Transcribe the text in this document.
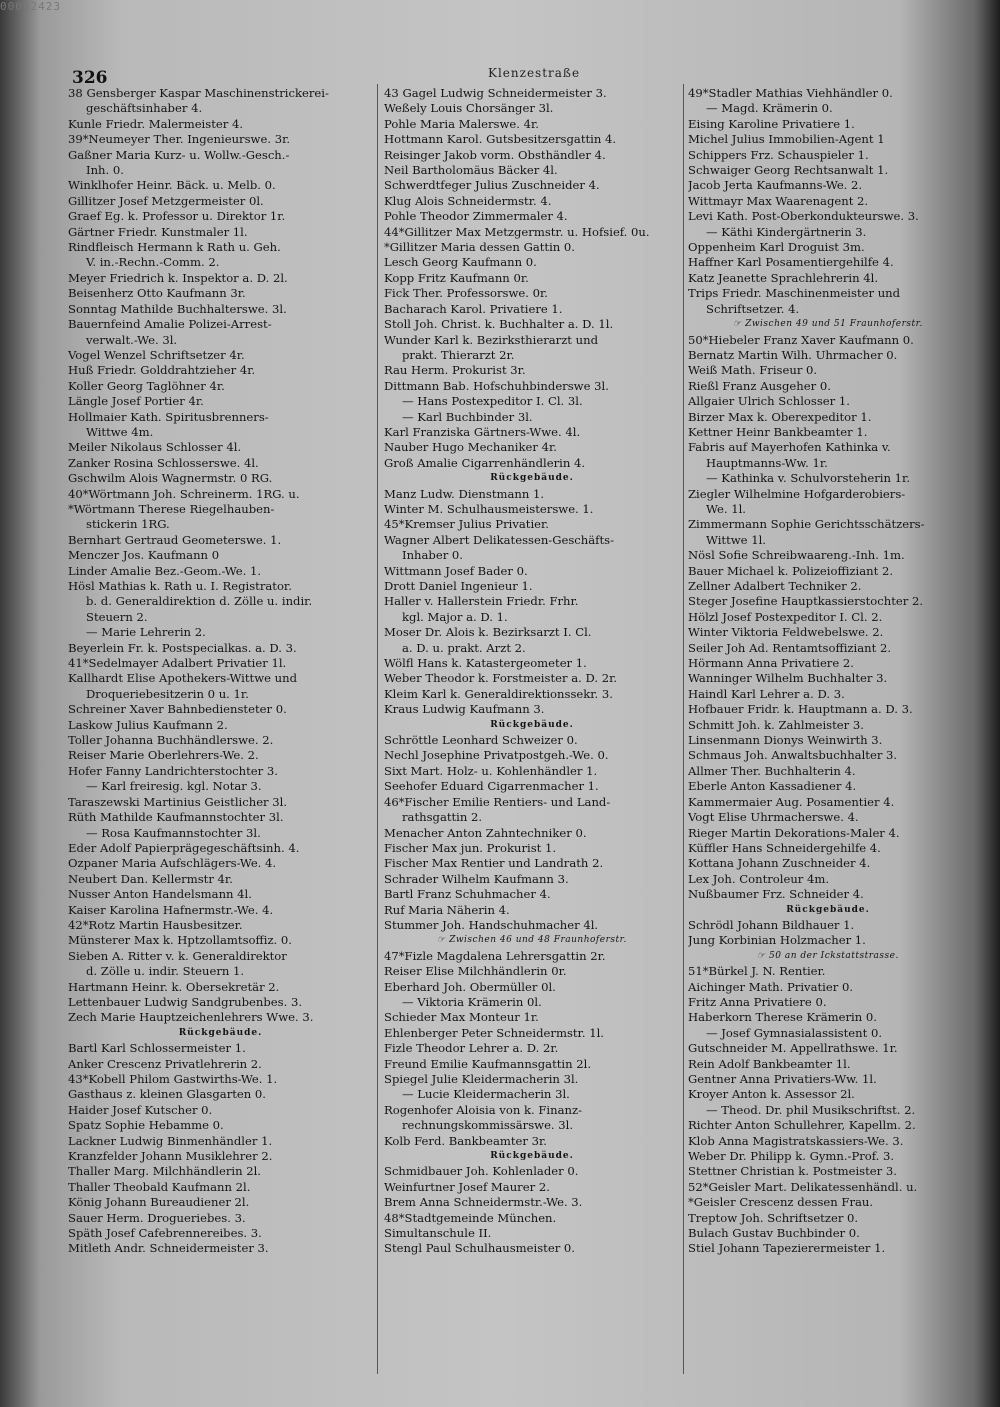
00092423
326	Klenzestraße
38 Gensberger Kaspar Maschinenstrickerei-
geschäftsinhaber 4.
Kunle Friedr. Malermeister 4.
39*Neumeyer Ther. Ingenieurswe. 3r.
Gaßner Maria Kurz- u. Wollw.-Gesch.-
Inh. 0.
Winklhofer Heinr. Bäck. u. Melb. 0.
Gillitzer Josef Metzgermeister 0l.
Graef Eg. k. Professor u. Direktor 1r.
Gärtner Friedr. Kunstmaler 1l.
Rindfleisch Hermann k Rath u. Geh.
V. in.-Rechn.-Comm. 2.
Meyer Friedrich k. Inspektor a. D. 2l.
Beisenherz Otto Kaufmann 3r.
Sonntag Mathilde Buchhalterswe. 3l.
Bauernfeind Amalie Polizei-Arrest-
verwalt.-We. 3l.
Vogel Wenzel Schriftsetzer 4r.
Huß Friedr. Golddrahtzieher 4r.
Koller Georg Taglöhner 4r.
Längle Josef Portier 4r.
Hollmaier Kath. Spiritusbrenners-
Wittwe 4m.
Meiler Nikolaus Schlosser 4l.
Zanker Rosina Schlosserswe. 4l.
Gschwilm Alois Wagnermstr. 0 RG.
40*Wörtmann Joh. Schreinerm. 1RG. u.
*Wörtmann Therese Riegelhauben-
stickerin 1RG.
Bernhart Gertraud Geometerswe. 1.
Menczer Jos. Kaufmann 0
Linder Amalie Bez.-Geom.-We. 1.
Hösl Mathias k. Rath u. I. Registrator.
b. d. Generaldirektion d. Zölle u. indir.
Steuern 2.
— Marie Lehrerin 2.
Beyerlein Fr. k. Postspecialkas. a. D. 3.
41*Sedelmayer Adalbert Privatier 1l.
Kallhardt Elise Apothekers-Wittwe und
Droqueriebesitzerin 0 u. 1r.
Schreiner Xaver Bahnbediensteter 0.
Laskow Julius Kaufmann 2.
Toller Johanna Buchhändlerswe. 2.
Reiser Marie Oberlehrers-We. 2.
Hofer Fanny Landrichterstochter 3.
— Karl freiresig. kgl. Notar 3.
Taraszewski Martinius Geistlicher 3l.
Rüth Mathilde Kaufmannstochter 3l.
— Rosa Kaufmannstochter 3l.
Eder Adolf Papierprägegeschäftsinh. 4.
Ozpaner Maria Aufschlägers-We. 4.
Neubert Dan. Kellermstr 4r.
Nusser Anton Handelsmann 4l.
Kaiser Karolina Hafnermstr.-We. 4.
42*Rotz Martin Hausbesitzer.
Münsterer Max k. Hptzollamtsoffiz. 0.
Sieben A. Ritter v. k. Generaldirektor
d. Zölle u. indir. Steuern 1.
Hartmann Heinr. k. Obersekretär 2.
Lettenbauer Ludwig Sandgrubenbes. 3.
Zech Marie Hauptzeichenlehrers Wwe. 3.
Rückgebäude.
Bartl Karl Schlossermeister 1.
Anker Crescenz Privatlehrerin 2.
43*Kobell Philom Gastwirths-We. 1.
Gasthaus z. kleinen Glasgarten 0.
Haider Josef Kutscher 0.
Spatz Sophie Hebamme 0.
Lackner Ludwig Binmenhändler 1.
Kranzfelder Johann Musiklehrer 2.
Thaller Marg. Milchhändlerin 2l.
Thaller Theobald Kaufmann 2l.
König Johann Bureaudiener 2l.
Sauer Herm. Drogueriebes. 3.
Späth Josef Cafebrennereibes. 3.
Mitleth Andr. Schneidermeister 3.
43 Gagel Ludwig Schneidermeister 3.
Weßely Louis Chorsänger 3l.
Pohle Maria Malerswe. 4r.
Hottmann Karol. Gutsbesitzersgattin 4.
Reisinger Jakob vorm. Obsthändler 4.
Neil Bartholomäus Bäcker 4l.
Schwerdtfeger Julius Zuschneider 4.
Klug Alois Schneidermstr. 4.
Pohle Theodor Zimmermaler 4.
44*Gillitzer Max Metzgermstr. u. Hofsief. 0u.
*Gillitzer Maria dessen Gattin 0.
Lesch Georg Kaufmann 0.
Kopp Fritz Kaufmann 0r.
Fick Ther. Professorswe. 0r.
Bacharach Karol. Privatiere 1.
Stoll Joh. Christ. k. Buchhalter a. D. 1l.
Wunder Karl k. Bezirksthierarzt und
prakt. Thierarzt 2r.
Rau Herm. Prokurist 3r.
Dittmann Bab. Hofschuhbinderswe 3l.
— Hans Postexpeditor I. Cl. 3l.
— Karl Buchbinder 3l.
Karl Franziska Gärtners-Wwe. 4l.
Nauber Hugo Mechaniker 4r.
Groß Amalie Cigarrenhändlerin 4.
Rückgebäude.
Manz Ludw. Dienstmann 1.
Winter M. Schulhausmeisterswe. 1.
45*Kremser Julius Privatier.
Wagner Albert Delikatessen-Geschäfts-
Inhaber 0.
Wittmann Josef Bader 0.
Drott Daniel Ingenieur 1.
Haller v. Hallerstein Friedr. Frhr.
kgl. Major a. D. 1.
Moser Dr. Alois k. Bezirksarzt I. Cl.
a. D. u. prakt. Arzt 2.
Wölfl Hans k. Katastergeometer 1.
Weber Theodor k. Forstmeister a. D. 2r.
Kleim Karl k. Generaldirektionssekr. 3.
Kraus Ludwig Kaufmann 3.
Rückgebäude.
Schröttle Leonhard Schweizer 0.
Nechl Josephine Privatpostgeh.-We. 0.
Sixt Mart. Holz- u. Kohlenhändler 1.
Seehofer Eduard Cigarrenmacher 1.
46*Fischer Emilie Rentiers- und Land-
rathsgattin 2.
Menacher Anton Zahntechniker 0.
Fischer Max jun. Prokurist 1.
Fischer Max Rentier und Landrath 2.
Schrader Wilhelm Kaufmann 3.
Bartl Franz Schuhmacher 4.
Ruf Maria Näherin 4.
Stummer Joh. Handschuhmacher 4l.
☞ Zwischen 46 und 48 Fraunhoferstr.
47*Fizle Magdalena Lehrersgattin 2r.
Reiser Elise Milchhändlerin 0r.
Eberhard Joh. Obermüller 0l.
— Viktoria Krämerin 0l.
Schieder Max Monteur 1r.
Ehlenberger Peter Schneidermstr. 1l.
Fizle Theodor Lehrer a. D. 2r.
Freund Emilie Kaufmannsgattin 2l.
Spiegel Julie Kleidermacherin 3l.
— Lucie Kleidermacherin 3l.
Rogenhofer Aloisia von k. Finanz-
rechnungskommissärswe. 3l.
Kolb Ferd. Bankbeamter 3r.
Rückgebäude.
Schmidbauer Joh. Kohlenlader 0.
Weinfurtner Josef Maurer 2.
Brem Anna Schneidermstr.-We. 3.
48*Stadtgemeinde München.
Simultanschule II.
Stengl Paul Schulhausmeister 0.
49*Stadler Mathias Viehhändler 0.
— Magd. Krämerin 0.
Eising Karoline Privatiere 1.
Michel Julius Immobilien-Agent 1
Schippers Frz. Schauspieler 1.
Schwaiger Georg Rechtsanwalt 1.
Jacob Jerta Kaufmanns-We. 2.
Wittmayr Max Waarenagent 2.
Levi Kath. Post-Oberkondukteurswe. 3.
— Käthi Kindergärtnerin 3.
Oppenheim Karl Droguist 3m.
Haffner Karl Posamentiergehilfe 4.
Katz Jeanette Sprachlehrerin 4l.
Trips Friedr. Maschinenmeister und
Schriftsetzer. 4.
☞ Zwischen 49 und 51 Fraunhoferstr.
50*Hiebeler Franz Xaver Kaufmann 0.
Bernatz Martin Wilh. Uhrmacher 0.
Weiß Math. Friseur 0.
Rießl Franz Ausgeher 0.
Allgaier Ulrich Schlosser 1.
Birzer Max k. Oberexpeditor 1.
Kettner Heinr Bankbeamter 1.
Fabris auf Mayerhofen Kathinka v.
Hauptmanns-Ww. 1r.
— Kathinka v. Schulvorsteherin 1r.
Ziegler Wilhelmine Hofgarderobiers-
We. 1l.
Zimmermann Sophie Gerichtsschätzers-
Wittwe 1l.
Nösl Sofie Schreibwaareng.-Inh. 1m.
Bauer Michael k. Polizeioffiziant 2.
Zellner Adalbert Techniker 2.
Steger Josefine Hauptkassierstochter 2.
Hölzl Josef Postexpeditor I. Cl. 2.
Winter Viktoria Feldwebelswe. 2.
Seiler Joh Ad. Rentamtsoffiziant 2.
Hörmann Anna Privatiere 2.
Wanninger Wilhelm Buchhalter 3.
Haindl Karl Lehrer a. D. 3.
Hofbauer Fridr. k. Hauptmann a. D. 3.
Schmitt Joh. k. Zahlmeister 3.
Linsenmann Dionys Weinwirth 3.
Schmaus Joh. Anwaltsbuchhalter 3.
Allmer Ther. Buchhalterin 4.
Eberle Anton Kassadiener 4.
Kammermaier Aug. Posamentier 4.
Vogt Elise Uhrmacherswe. 4.
Rieger Martin Dekorations-Maler 4.
Küffler Hans Schneidergehilfe 4.
Kottana Johann Zuschneider 4.
Lex Joh. Controleur 4m.
Nußbaumer Frz. Schneider 4.
Rückgebäude.
Schrödl Johann Bildhauer 1.
Jung Korbinian Holzmacher 1.
☞ 50 an der Ickstattstrasse.
51*Bürkel J. N. Rentier.
Aichinger Math. Privatier 0.
Fritz Anna Privatiere 0.
Haberkorn Therese Krämerin 0.
— Josef Gymnasialassistent 0.
Gutschneider M. Appellrathswe. 1r.
Rein Adolf Bankbeamter 1l.
Gentner Anna Privatiers-Ww. 1l.
Kroyer Anton k. Assessor 2l.
— Theod. Dr. phil Musikschriftst. 2.
Richter Anton Schullehrer, Kapellm. 2.
Klob Anna Magistratskassiers-We. 3.
Weber Dr. Philipp k. Gymn.-Prof. 3.
Stettner Christian k. Postmeister 3.
52*Geisler Mart. Delikatessenhändl. u.
*Geisler Crescenz dessen Frau.
Treptow Joh. Schriftsetzer 0.
Bulach Gustav Buchbinder 0.
Stiel Johann Tapezierermeister 1.
